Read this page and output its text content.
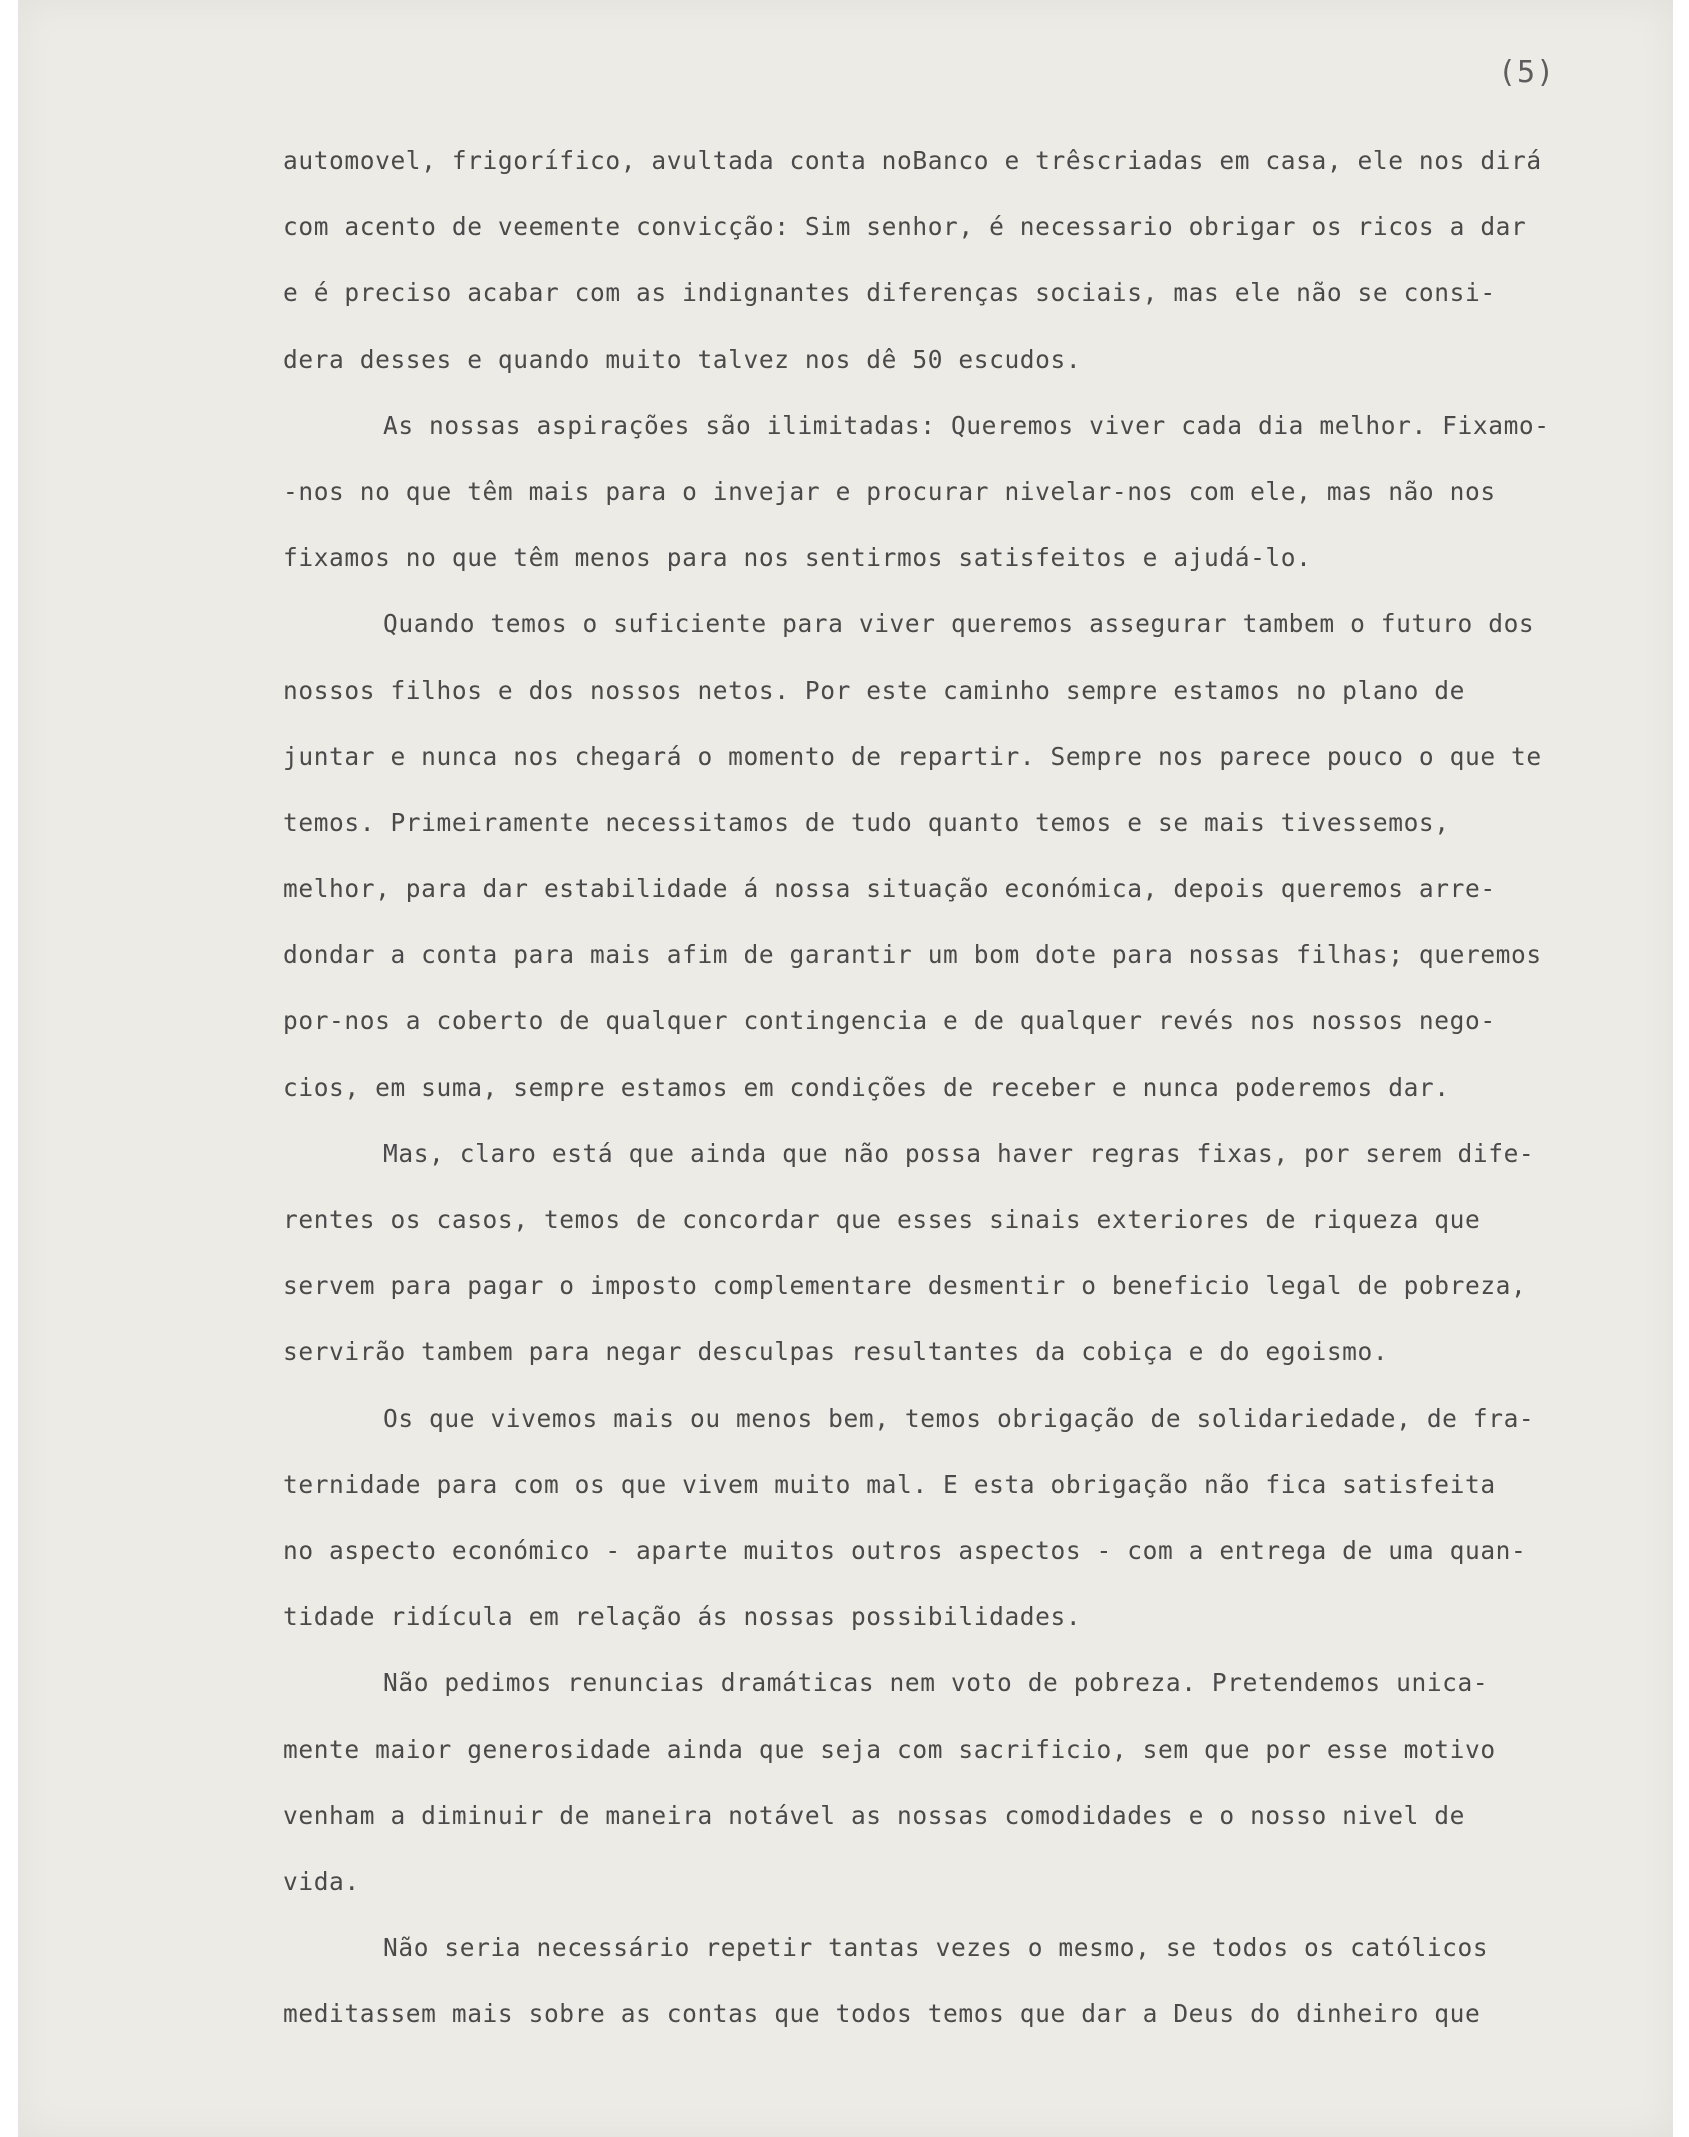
(5)
automovel, frigorífico, avultada conta noBanco e trêscriadas em casa, ele nos dirá
com acento de veemente convicção: Sim senhor, é necessario obrigar os ricos a dar
e é preciso acabar com as indignantes diferenças sociais, mas ele não se consi-
dera desses e quando muito talvez nos dê 50 escudos.
As nossas aspirações são ilimitadas: Queremos viver cada dia melhor. Fixamo-
-nos no que têm mais para o invejar e procurar nivelar-nos com ele, mas não nos
fixamos no que têm menos para nos sentirmos satisfeitos e ajudá-lo.
Quando temos o suficiente para viver queremos assegurar tambem o futuro dos
nossos filhos e dos nossos netos. Por este caminho sempre estamos no plano de
juntar e nunca nos chegará o momento de repartir. Sempre nos parece pouco o que te
temos. Primeiramente necessitamos de tudo quanto temos e se mais tivessemos,
melhor, para dar estabilidade á nossa situação económica, depois queremos arre-
dondar a conta para mais afim de garantir um bom dote para nossas filhas; queremos
por-nos a coberto de qualquer contingencia e de qualquer revés nos nossos nego-
cios, em suma, sempre estamos em condições de receber e nunca poderemos dar.
Mas, claro está que ainda que não possa haver regras fixas, por serem dife-
rentes os casos, temos de concordar que esses sinais exteriores de riqueza que
servem para pagar o imposto complementare desmentir o beneficio legal de pobreza,
servirão tambem para negar desculpas resultantes da cobiça e do egoismo.
Os que vivemos mais ou menos bem, temos obrigação de solidariedade, de fra-
ternidade para com os que vivem muito mal. E esta obrigação não fica satisfeita
no aspecto económico - aparte muitos outros aspectos - com a entrega de uma quan-
tidade ridícula em relação ás nossas possibilidades.
Não pedimos renuncias dramáticas nem voto de pobreza. Pretendemos unica-
mente maior generosidade ainda que seja com sacrificio, sem que por esse motivo
venham a diminuir de maneira notável as nossas comodidades e o nosso nivel de
vida.
Não seria necessário repetir tantas vezes o mesmo, se todos os católicos
meditassem mais sobre as contas que todos temos que dar a Deus do dinheiro que
